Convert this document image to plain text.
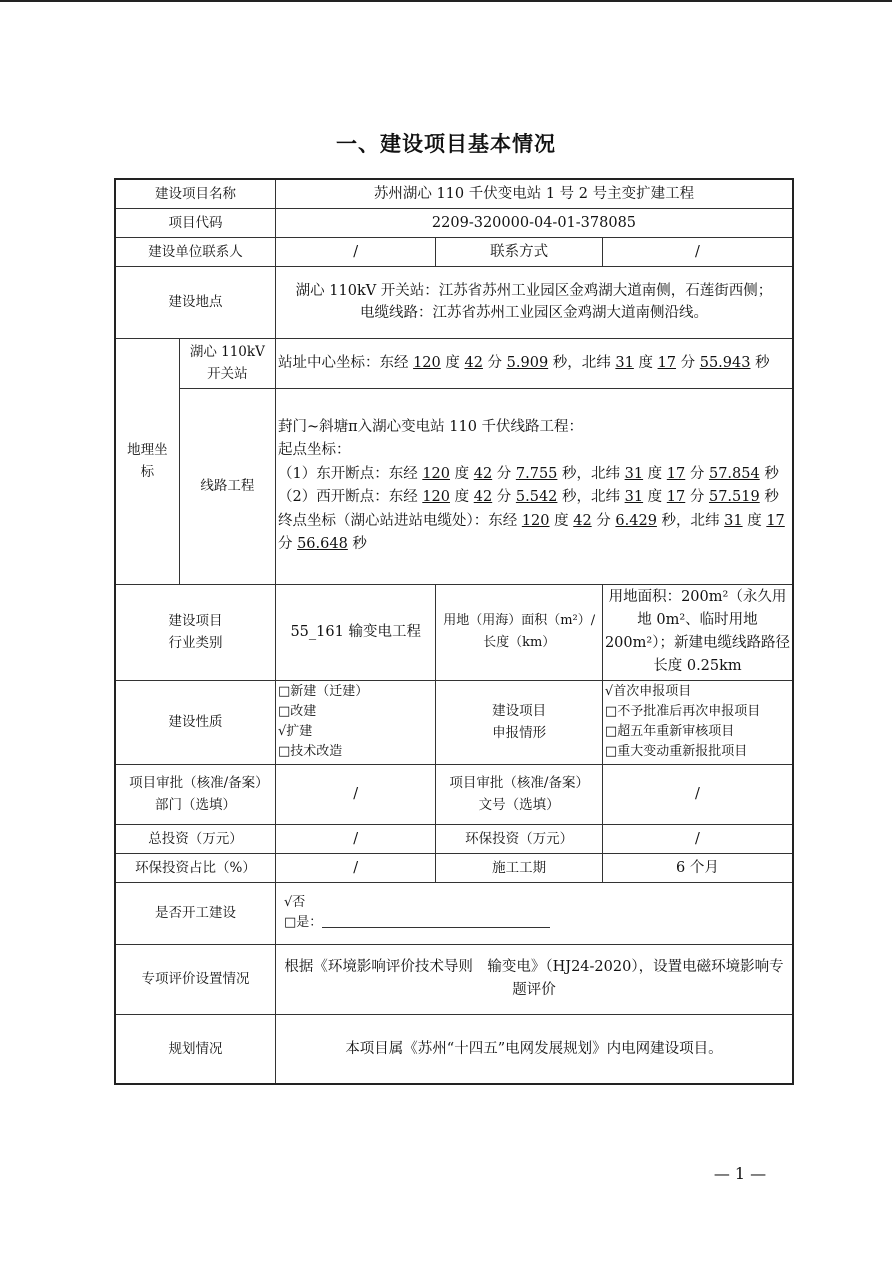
一、建设项目基本情况
建设项目名称		苏州湖心 110 千伏变电站 1 号 2 号主变扩建工程		
项目代码		2209-320000-04-01-378085		
建设单位联系人		/	联系方式	/
建设地点		湖心 110kV 开关站：江苏省苏州工业园区金鸡湖大道南侧，石莲街西侧；
电缆线路：江苏省苏州工业园区金鸡湖大道南侧沿线。		

地理坐标	湖心 110kV 开关站	站址中心坐标：东经 120 度 42 分 5.909 秒，北纬 31 度 17 分 55.943 秒		
	线路工程	葑门~斜塘π入湖心变电站 110 千伏线路工程：
起点坐标：
（1）东开断点：东经 120 度 42 分 7.755 秒，北纬 31 度 17 分 57.854 秒
（2）西开断点：东经 120 度 42 分 5.542 秒，北纬 31 度 17 分 57.519 秒
终点坐标（湖心站进站电缆处）：东经 120 度 42 分 6.429 秒，北纬 31 度 17 分 56.648 秒		

建设项目
行业类别		55_161 输变电工程	用地（用海）面积（m²）/长度（km）	用地面积：200m²（永久用地 0m²、临时用地200m²）；新建电缆线路路径长度 0.25km
建设性质		□新建（迁建）
□改建
√扩建
□技术改造	建设项目
申报情形	√首次申报项目
□不予批准后再次申报项目
□超五年重新审核项目
□重大变动重新报批项目

项目审批（核准/备案）部门（选填）		/	项目审批（核准/备案）文号（选填）	/
总投资（万元）		/	环保投资（万元）	/
环保投资占比（%）		/	施工工期	6 个月
是否开工建设		√否
□是：		

专项评价设置情况		根据《环境影响评价技术导则　输变电》（HJ24-2020），设置电磁环境影响专题评价		
规划情况		本项目属《苏州“十四五”电网发展规划》内电网建设项目。		
— 1 —
